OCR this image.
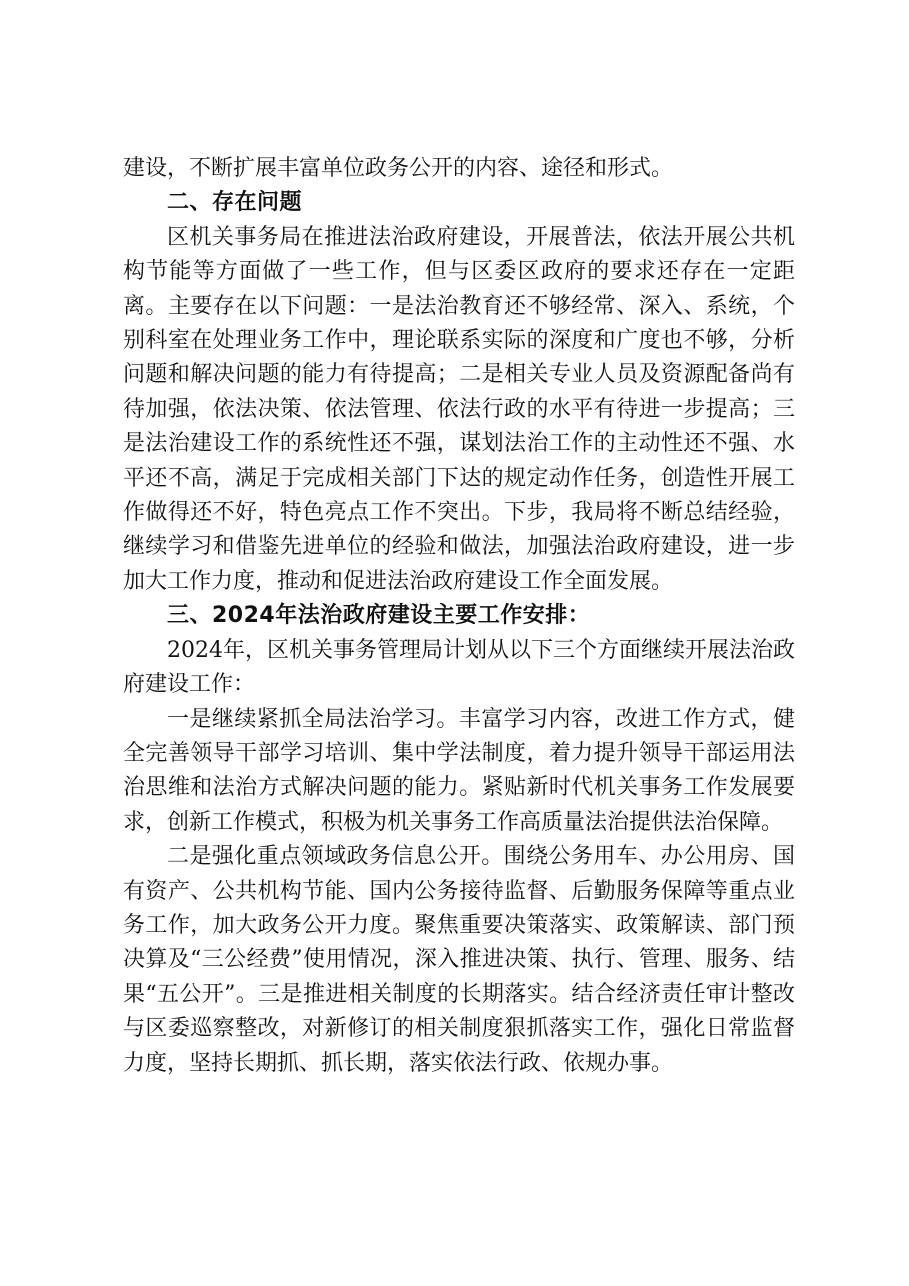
建设，不断扩展丰富单位政务公开的内容、途径和形式。

二、存在问题

区机关事务局在推进法治政府建设，开展普法，依法开展公共机构节能等方面做了一些工作，但与区委区政府的要求还存在一定距离。主要存在以下问题：一是法治教育还不够经常、深入、系统，个别科室在处理业务工作中，理论联系实际的深度和广度也不够，分析问题和解决问题的能力有待提高；二是相关专业人员及资源配备尚有待加强，依法决策、依法管理、依法行政的水平有待进一步提高；三是法治建设工作的系统性还不强，谋划法治工作的主动性还不强、水平还不高，满足于完成相关部门下达的规定动作任务，创造性开展工作做得还不好，特色亮点工作不突出。下步，我局将不断总结经验，继续学习和借鉴先进单位的经验和做法，加强法治政府建设，进一步加大工作力度，推动和促进法治政府建设工作全面发展。

三、2024年法治政府建设主要工作安排：

2024年，区机关事务管理局计划从以下三个方面继续开展法治政府建设工作：

一是继续紧抓全局法治学习。丰富学习内容，改进工作方式，健全完善领导干部学习培训、集中学法制度，着力提升领导干部运用法治思维和法治方式解决问题的能力。紧贴新时代机关事务工作发展要求，创新工作模式，积极为机关事务工作高质量法治提供法治保障。

二是强化重点领域政务信息公开。围绕公务用车、办公用房、国有资产、公共机构节能、国内公务接待监督、后勤服务保障等重点业务工作，加大政务公开力度。聚焦重要决策落实、政策解读、部门预决算及“三公经费”使用情况，深入推进决策、执行、管理、服务、结果“五公开”。三是推进相关制度的长期落实。结合经济责任审计整改与区委巡察整改，对新修订的相关制度狠抓落实工作，强化日常监督力度，坚持长期抓、抓长期，落实依法行政、依规办事。
